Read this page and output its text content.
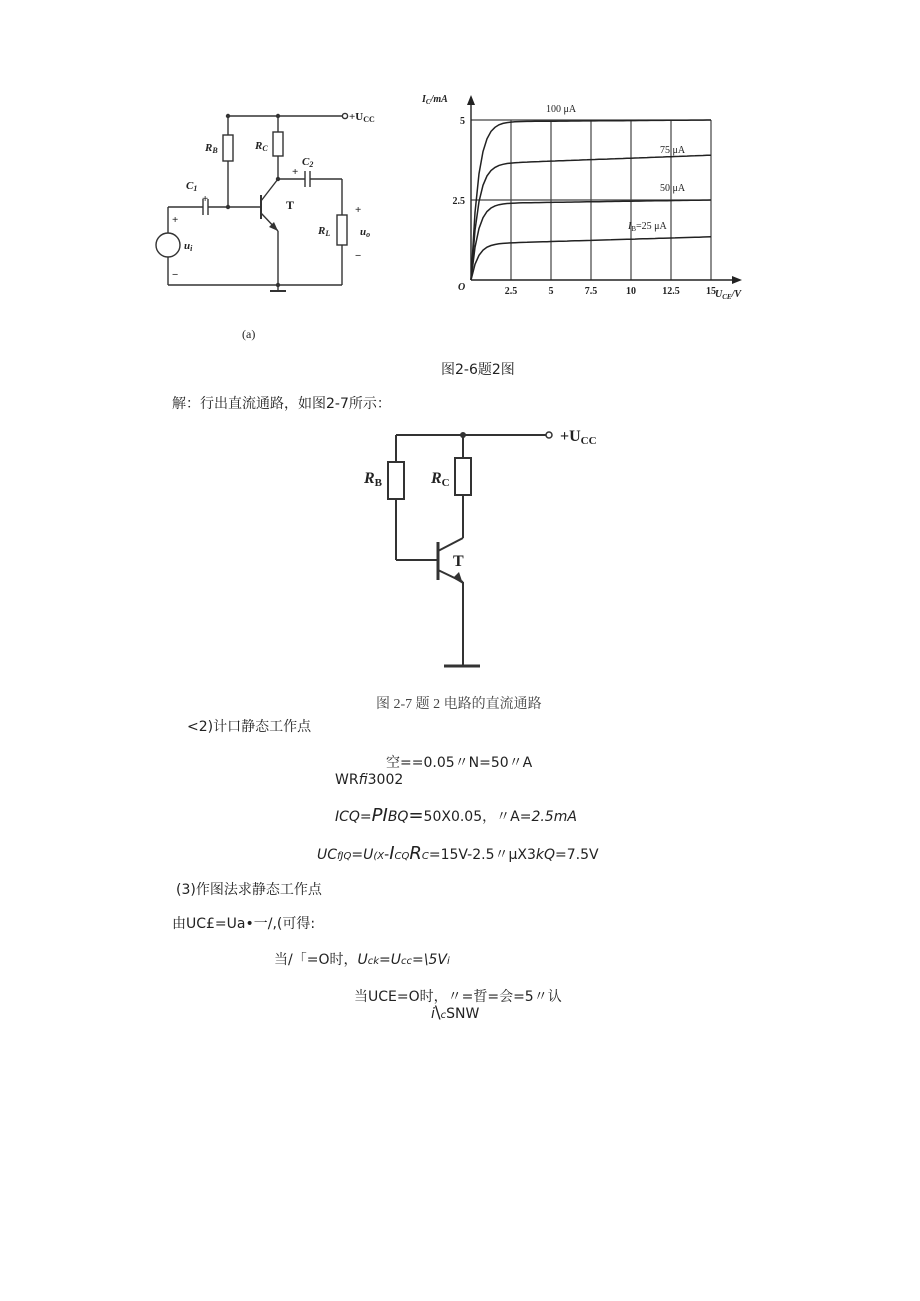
+UCC
RB	RC
C1
+
C2
+
T
RL
ui
+
−
uo
+
−
(a)
2.5	5	7.5	10	12.5	15
2.5
5
$I_C/mA$
$U_{CE}/V$
O
100 μA
75 μA
50 μA
$I_B=25$ μA
图2-6题2图
解：行出直流通路，如图2-7所示：
+UCC
RB	RC
T
图 2-7 题 2 电路的直流通路
<2)计口静态工作点
空==0.05〃N=50〃A
WRfi3002
ICQ=PIBQ=50X0.05，〃A=2.5mA
UCfJQ=U(X-ICQRC=15V-2.5〃μX3kQ=7.5V
(3)作图法求静态工作点
由UC£=Ua•一/,(可得:
当/「=O时，Uck=Ucc=\5Vi
当UCE=O时，〃=晢=会=5〃认
i\cSNW
